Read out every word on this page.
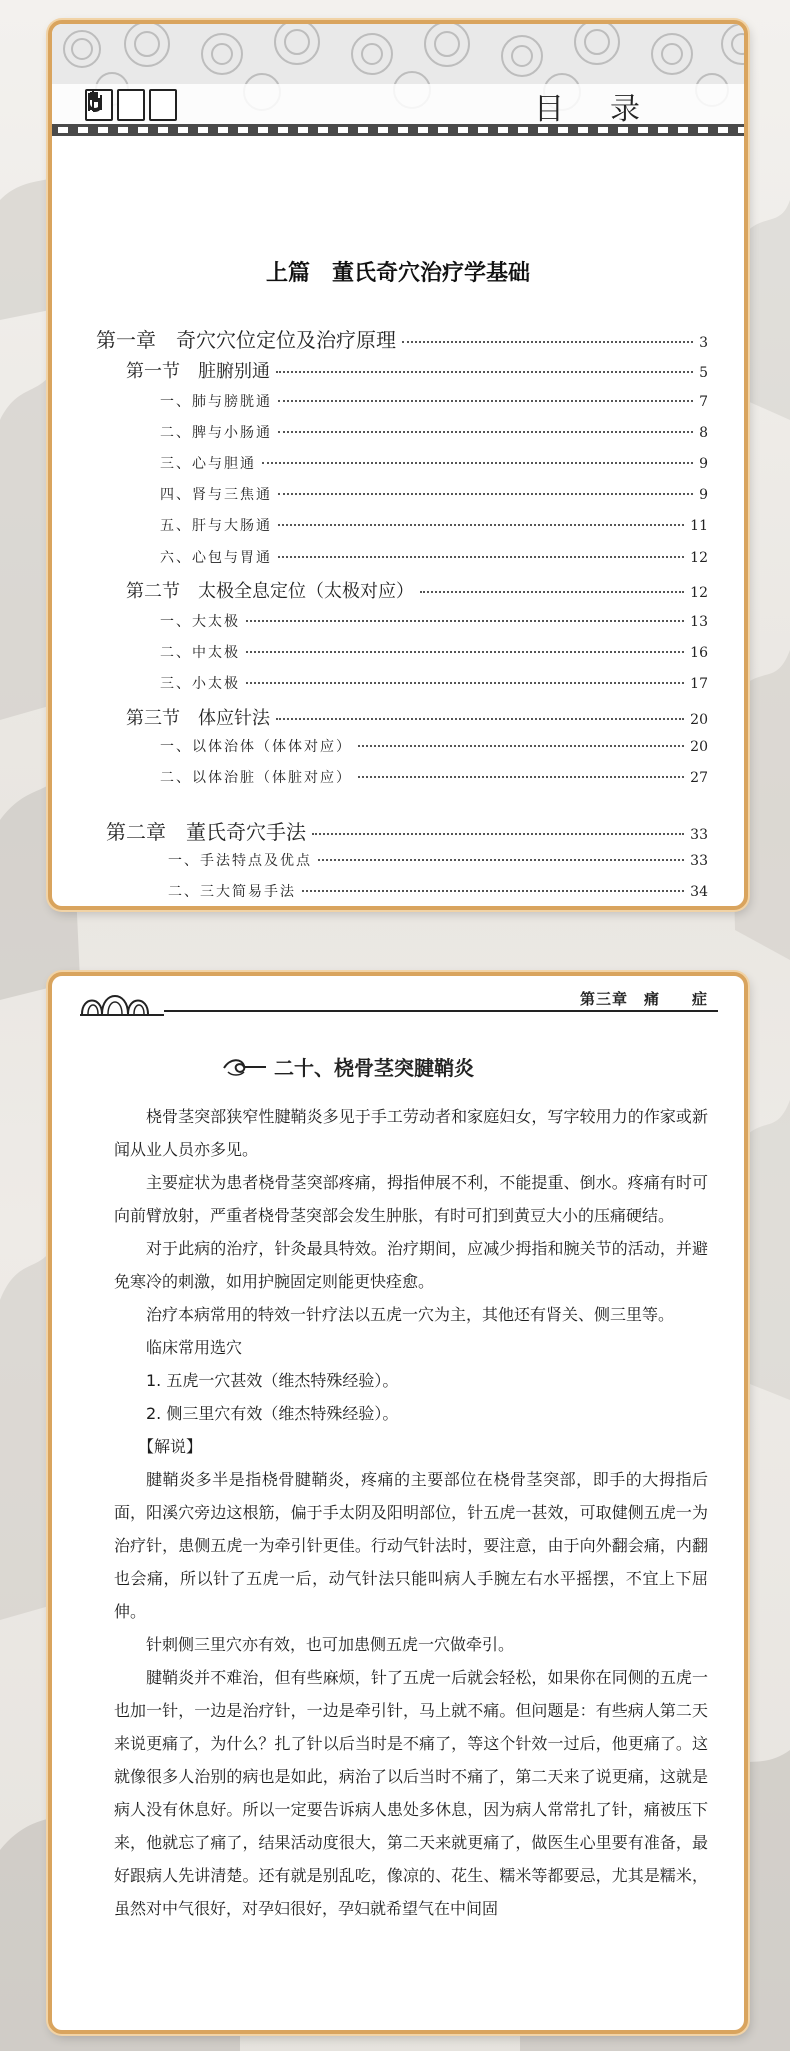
目录
上篇　董氏奇穴治疗学基础
第一章　奇穴穴位定位及治疗原理	3
第一节　脏腑别通	5
一、肺与膀胱通	7
二、脾与小肠通	8
三、心与胆通	9
四、肾与三焦通	9
五、肝与大肠通	11
六、心包与胃通	12
第二节　太极全息定位（太极对应）	12
一、大太极	13
二、中太极	16
三、小太极	17
第三节　体应针法	20
一、以体治体（体体对应）	20
二、以体治脏（体脏对应）	27
第二章　董氏奇穴手法	33
一、手法特点及优点	33
二、三大简易手法	34
第三章　痛　　症
二十、桡骨茎突腱鞘炎

桡骨茎突部狭窄性腱鞘炎多见于手工劳动者和家庭妇女，写字较用力的作家或新闻从业人员亦多见。

主要症状为患者桡骨茎突部疼痛，拇指伸展不利，不能提重、倒水。疼痛有时可向前臂放射，严重者桡骨茎突部会发生肿胀，有时可扪到黄豆大小的压痛硬结。

对于此病的治疗，针灸最具特效。治疗期间，应减少拇指和腕关节的活动，并避免寒冷的刺激，如用护腕固定则能更快痊愈。

治疗本病常用的特效一针疗法以五虎一穴为主，其他还有肾关、侧三里等。

临床常用选穴

1. 五虎一穴甚效（维杰特殊经验）。

2. 侧三里穴有效（维杰特殊经验）。

【解说】

腱鞘炎多半是指桡骨腱鞘炎，疼痛的主要部位在桡骨茎突部，即手的大拇指后面，阳溪穴旁边这根筋，偏于手太阴及阳明部位，针五虎一甚效，可取健侧五虎一为治疗针，患侧五虎一为牵引针更佳。行动气针法时，要注意，由于向外翻会痛，内翻也会痛，所以针了五虎一后，动气针法只能叫病人手腕左右水平摇摆，不宜上下屈伸。

针刺侧三里穴亦有效，也可加患侧五虎一穴做牵引。

腱鞘炎并不难治，但有些麻烦，针了五虎一后就会轻松，如果你在同侧的五虎一也加一针，一边是治疗针，一边是牵引针，马上就不痛。但问题是：有些病人第二天来说更痛了，为什么？扎了针以后当时是不痛了，等这个针效一过后，他更痛了。这就像很多人治别的病也是如此，病治了以后当时不痛了，第二天来了说更痛，这就是病人没有休息好。所以一定要告诉病人患处多休息，因为病人常常扎了针，痛被压下来，他就忘了痛了，结果活动度很大，第二天来就更痛了，做医生心里要有准备，最好跟病人先讲清楚。还有就是别乱吃，像凉的、花生、糯米等都要忌，尤其是糯米，虽然对中气很好，对孕妇很好，孕妇就希望气在中间固
